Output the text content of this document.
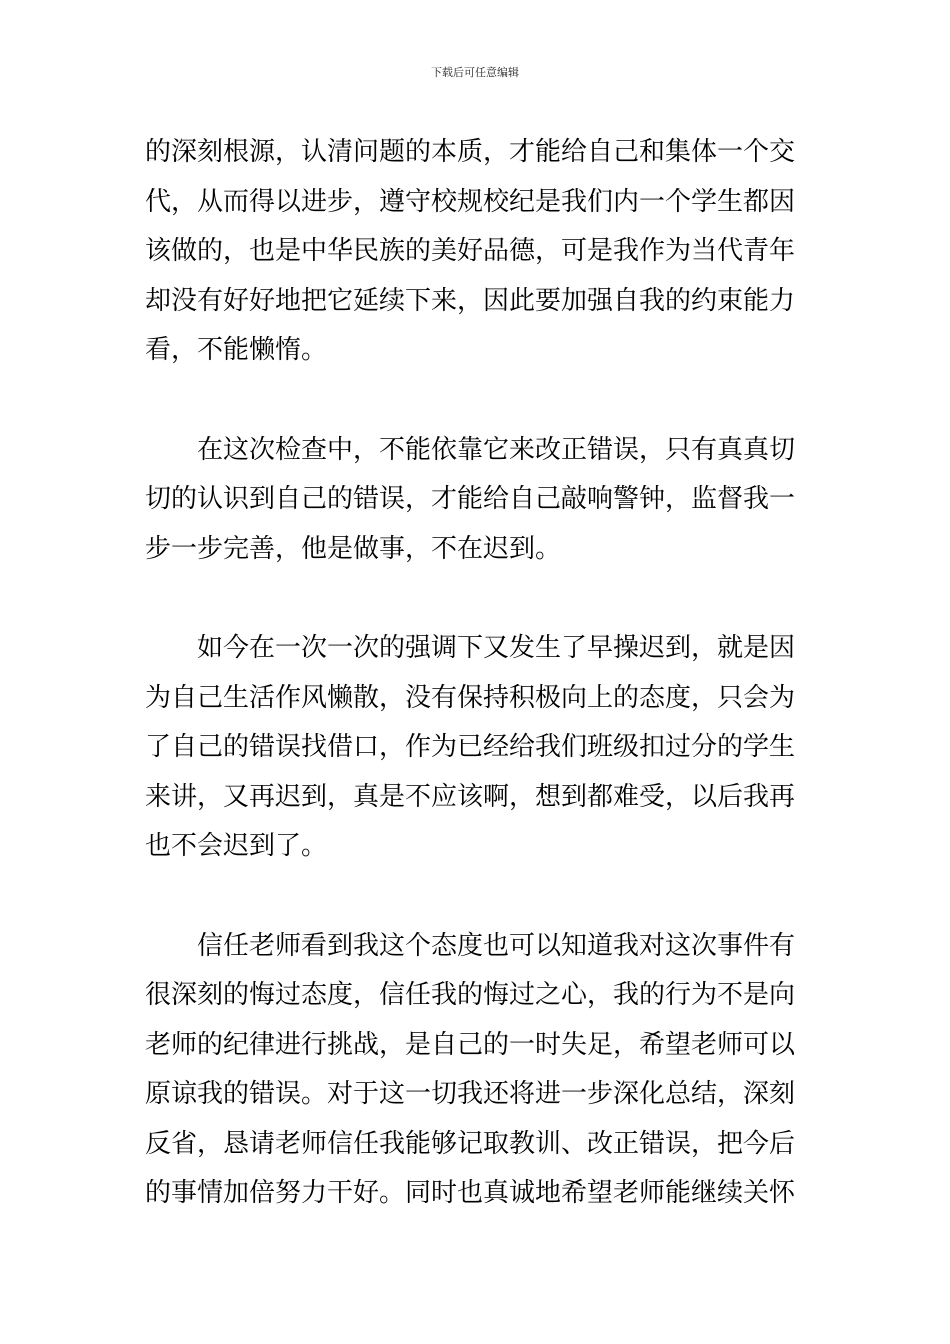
下载后可任意编辑

的深刻根源，认清问题的本质，才能给自己和集体一个交代，从而得以进步，遵守校规校纪是我们内一个学生都因该做的，也是中华民族的美好品德，可是我作为当代青年却没有好好地把它延续下来，因此要加强自我的约束能力看，不能懒惰。

在这次检查中，不能依靠它来改正错误，只有真真切切的认识到自己的错误，才能给自己敲响警钟，监督我一步一步完善，他是做事，不在迟到。

如今在一次一次的强调下又发生了早操迟到，就是因为自己生活作风懒散，没有保持积极向上的态度，只会为了自己的错误找借口，作为已经给我们班级扣过分的学生来讲，又再迟到，真是不应该啊，想到都难受，以后我再也不会迟到了。

信任老师看到我这个态度也可以知道我对这次事件有很深刻的悔过态度，信任我的悔过之心，我的行为不是向老师的纪律进行挑战，是自己的一时失足，希望老师可以原谅我的错误。对于这一切我还将进一步深化总结，深刻反省，恳请老师信任我能够记取教训、改正错误，把今后的事情加倍努力干好。同时也真诚地希望老师能继续关怀
